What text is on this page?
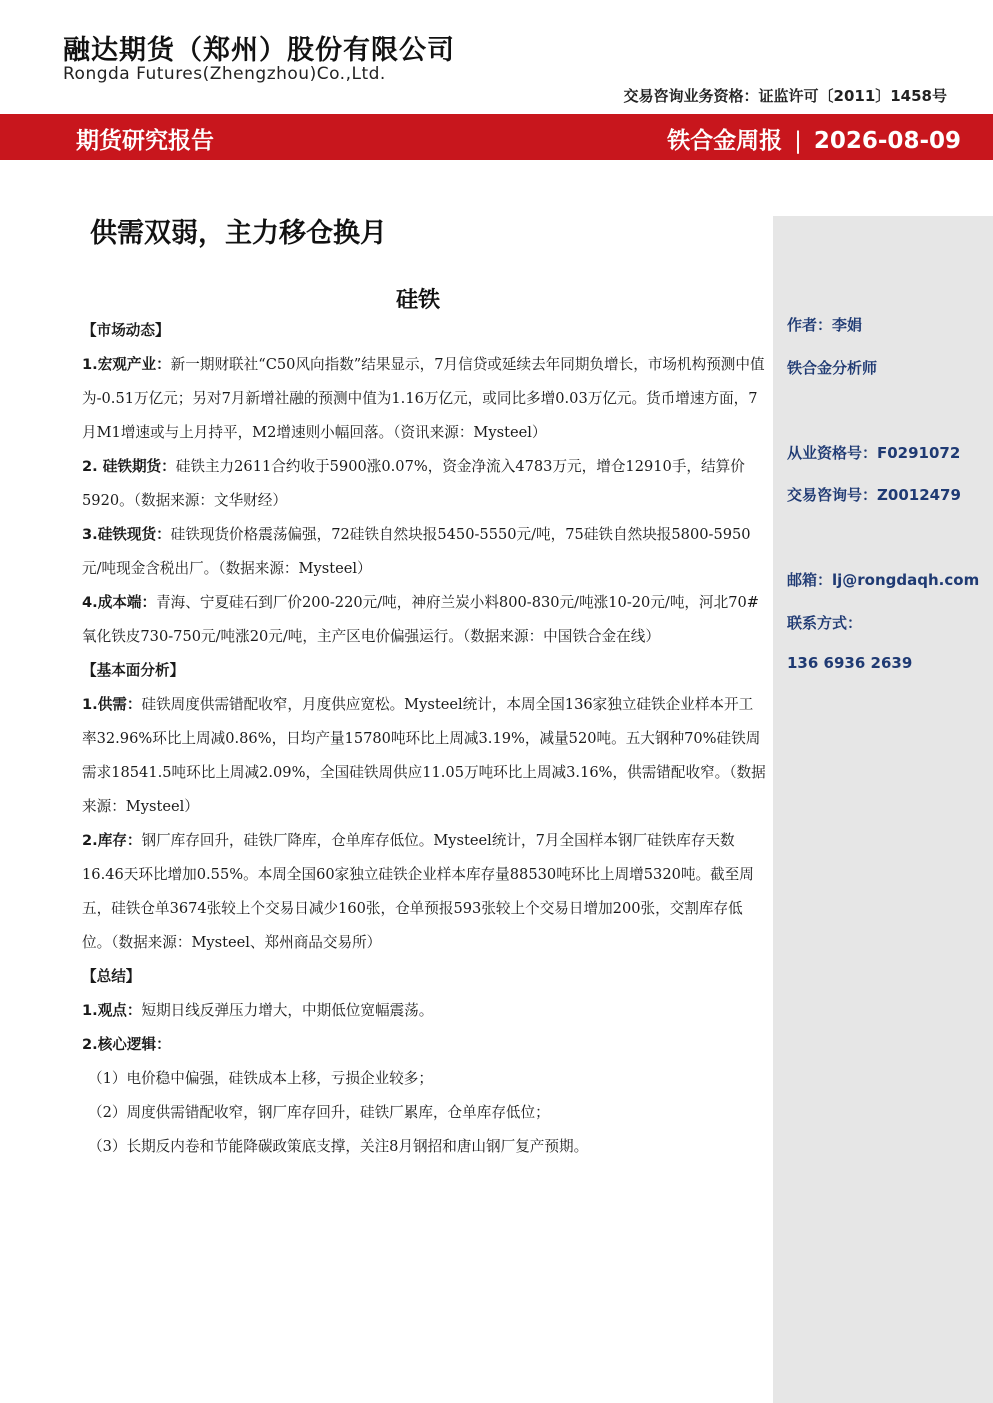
融达期货（郑州）股份有限公司
Rongda Futures(Zhengzhou)Co.,Ltd.
交易咨询业务资格：证监许可〔2011〕1458号
期货研究报告	铁合金周报 | 2026-08-09
作者：李娟
铁合金分析师
从业资格号：F0291072
交易咨询号：Z0012479
邮箱：lj@rongdaqh.com
联系方式：
136 6936 2639
供需双弱，主力移仓换月
硅铁

【市场动态】

1.宏观产业：新一期财联社“C50风向指数”结果显示，7月信贷或延续去年同期负增长，市场机构预测中值为-0.51万亿元；另对7月新增社融的预测中值为1.16万亿元，或同比多增0.03万亿元。货币增速方面，7月M1增速或与上月持平，M2增速则小幅回落。（资讯来源：Mysteel）

2. 硅铁期货：硅铁主力2611合约收于5900涨0.07%，资金净流入4783万元，增仓12910手，结算价5920。（数据来源：文华财经）

3.硅铁现货：硅铁现货价格震荡偏强，72硅铁自然块报5450-5550元/吨，75硅铁自然块报5800-5950元/吨现金含税出厂。（数据来源：Mysteel）

4.成本端：青海、宁夏硅石到厂价200-220元/吨，神府兰炭小料800-830元/吨涨10-20元/吨，河北70#氧化铁皮730-750元/吨涨20元/吨，主产区电价偏强运行。（数据来源：中国铁合金在线）

【基本面分析】

1.供需：硅铁周度供需错配收窄，月度供应宽松。Mysteel统计，本周全国136家独立硅铁企业样本开工率32.96%环比上周减0.86%，日均产量15780吨环比上周减3.19%，减量520吨。五大钢种70%硅铁周需求18541.5吨环比上周减2.09%，全国硅铁周供应11.05万吨环比上周减3.16%，供需错配收窄。（数据来源：Mysteel）

2.库存：钢厂库存回升，硅铁厂降库，仓单库存低位。Mysteel统计，7月全国样本钢厂硅铁库存天数16.46天环比增加0.55%。本周全国60家独立硅铁企业样本库存量88530吨环比上周增5320吨。截至周五，硅铁仓单3674张较上个交易日减少160张，仓单预报593张较上个交易日增加200张，交割库存低位。（数据来源：Mysteel、郑州商品交易所）

【总结】

1.观点：短期日线反弹压力增大，中期低位宽幅震荡。

2.核心逻辑：

（1）电价稳中偏强，硅铁成本上移，亏损企业较多；

（2）周度供需错配收窄，钢厂库存回升，硅铁厂累库，仓单库存低位；

（3）长期反内卷和节能降碳政策底支撑，关注8月钢招和唐山钢厂复产预期。
